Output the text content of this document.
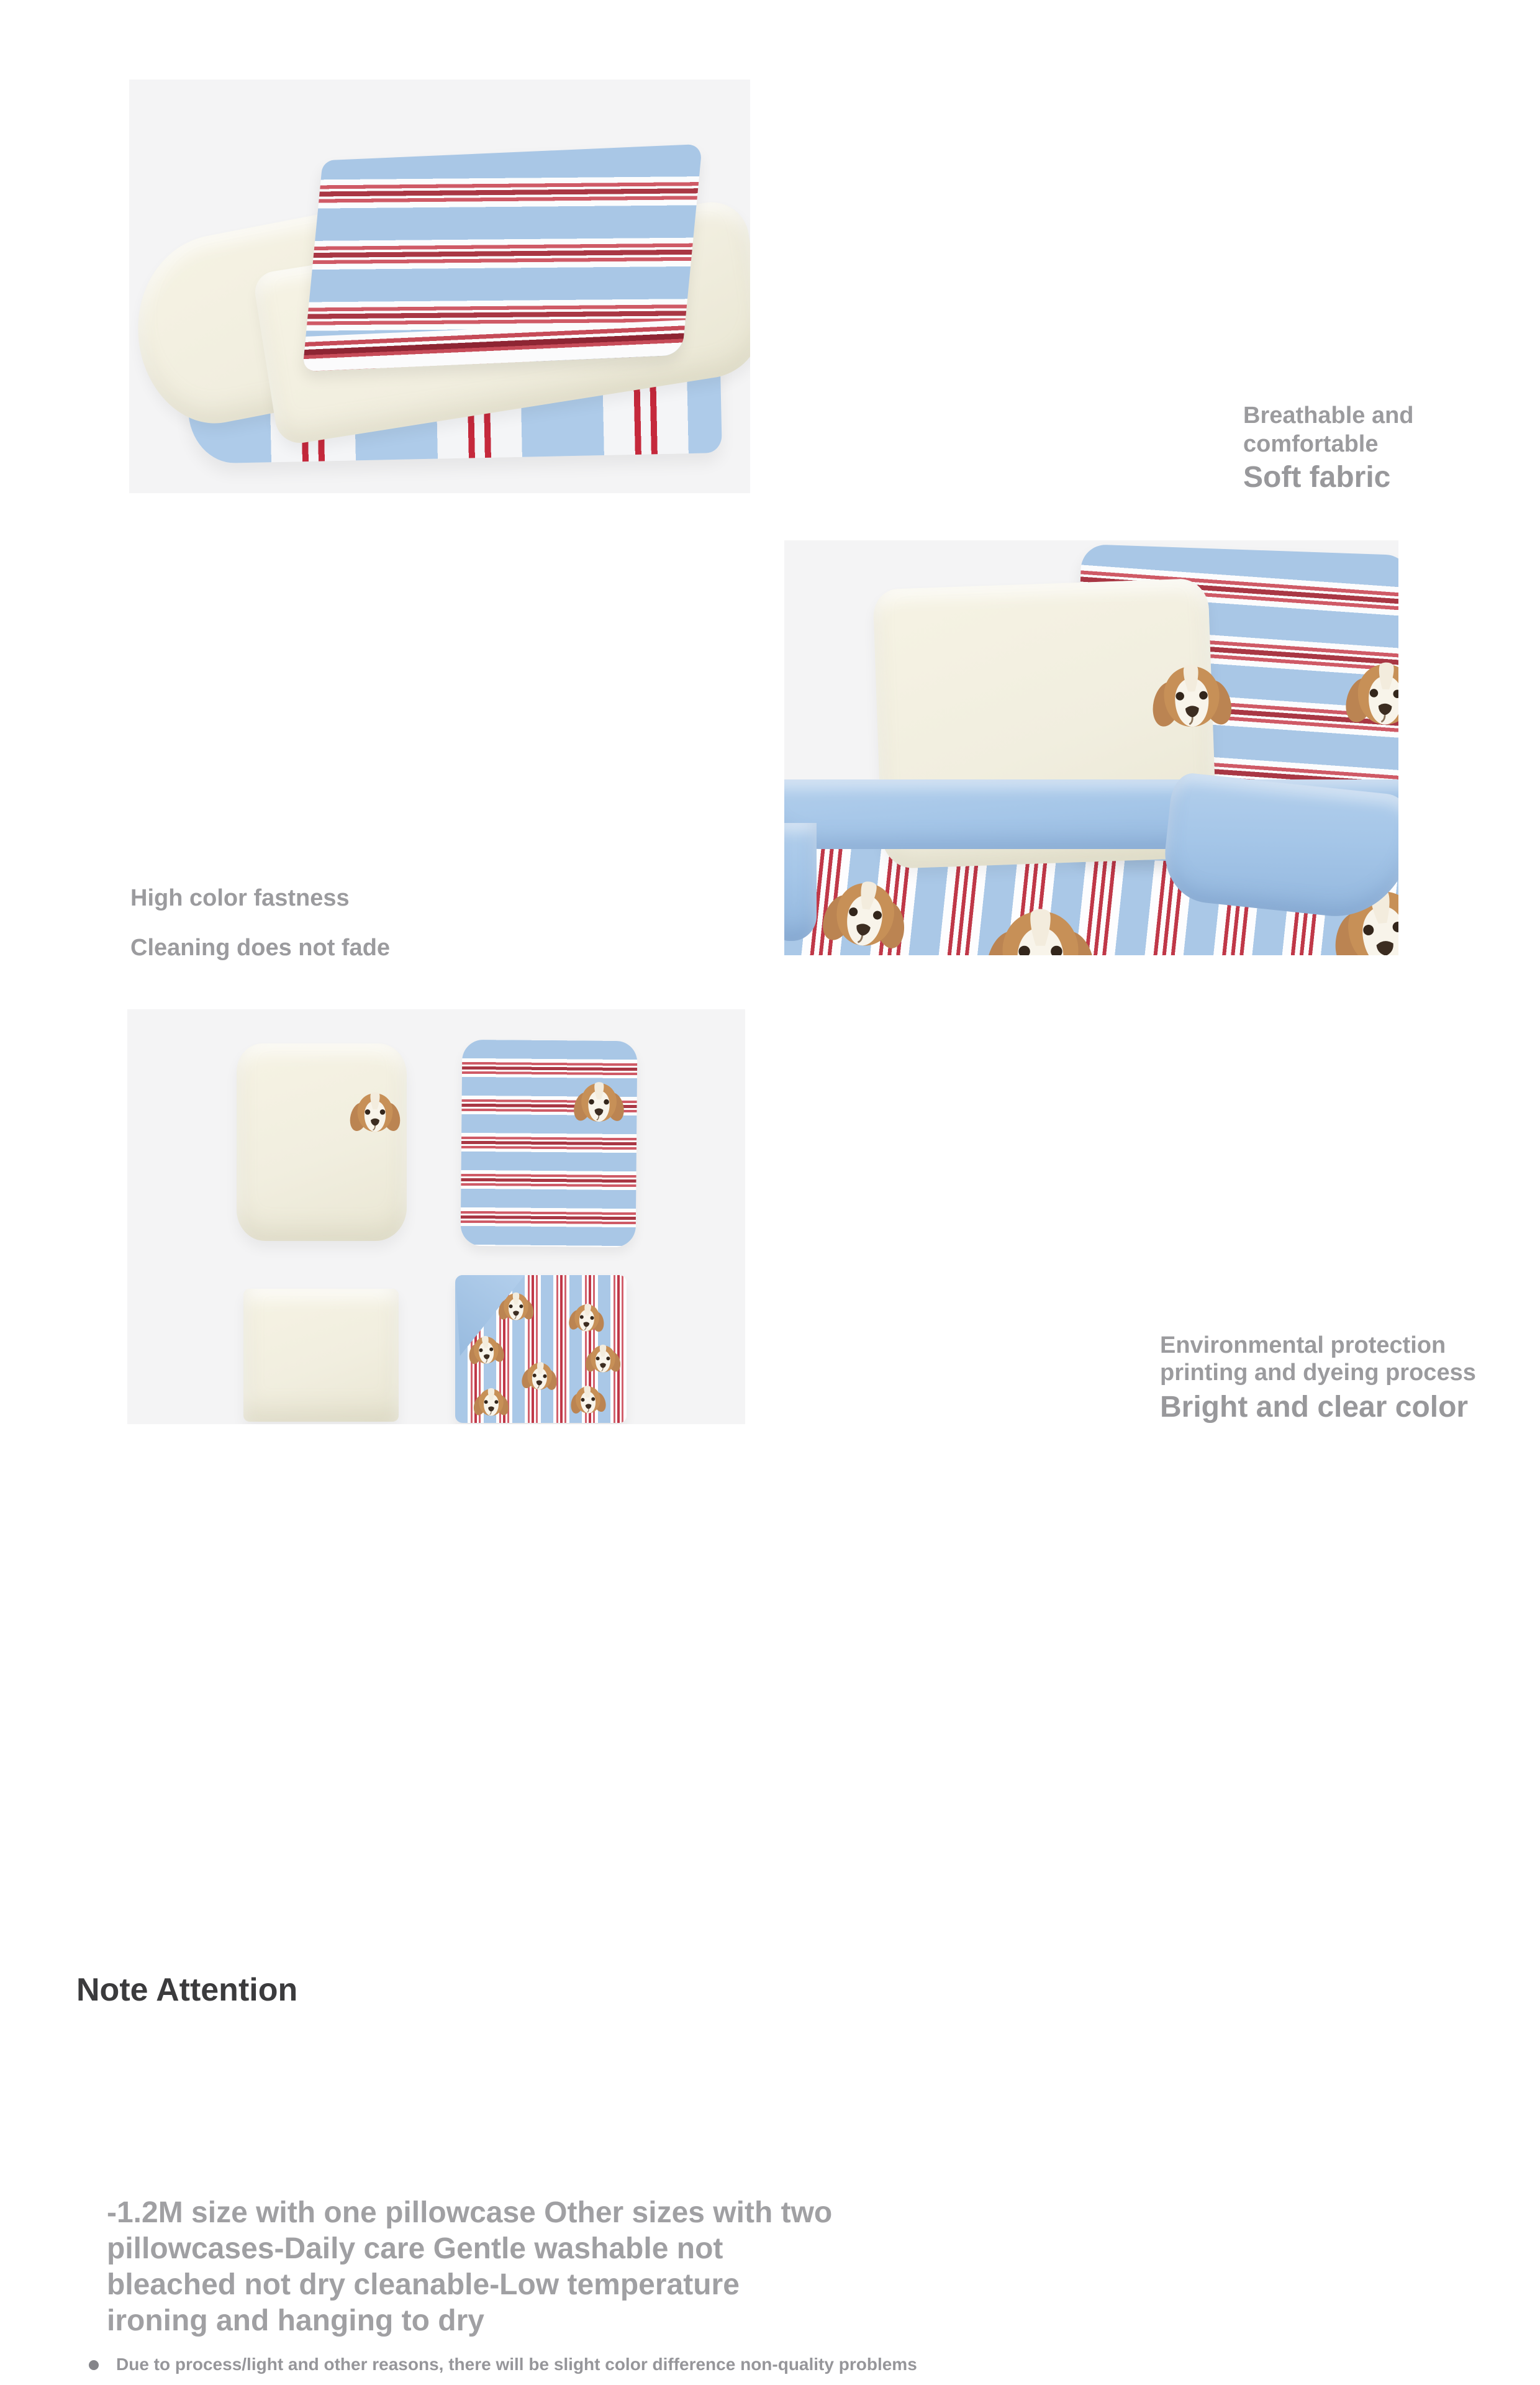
Breathable and
comfortable
Soft fabric
High color fastness
Cleaning does not fade
Environmental protection
printing and dyeing process
Bright and clear color
Note Attention
-1.2M size with one pillowcase Other sizes with two
pillowcases-Daily care Gentle washable not
bleached not dry cleanable-Low temperature
ironing and hanging to dry
Due to process/light and other reasons, there will be slight color difference non-quality problems
